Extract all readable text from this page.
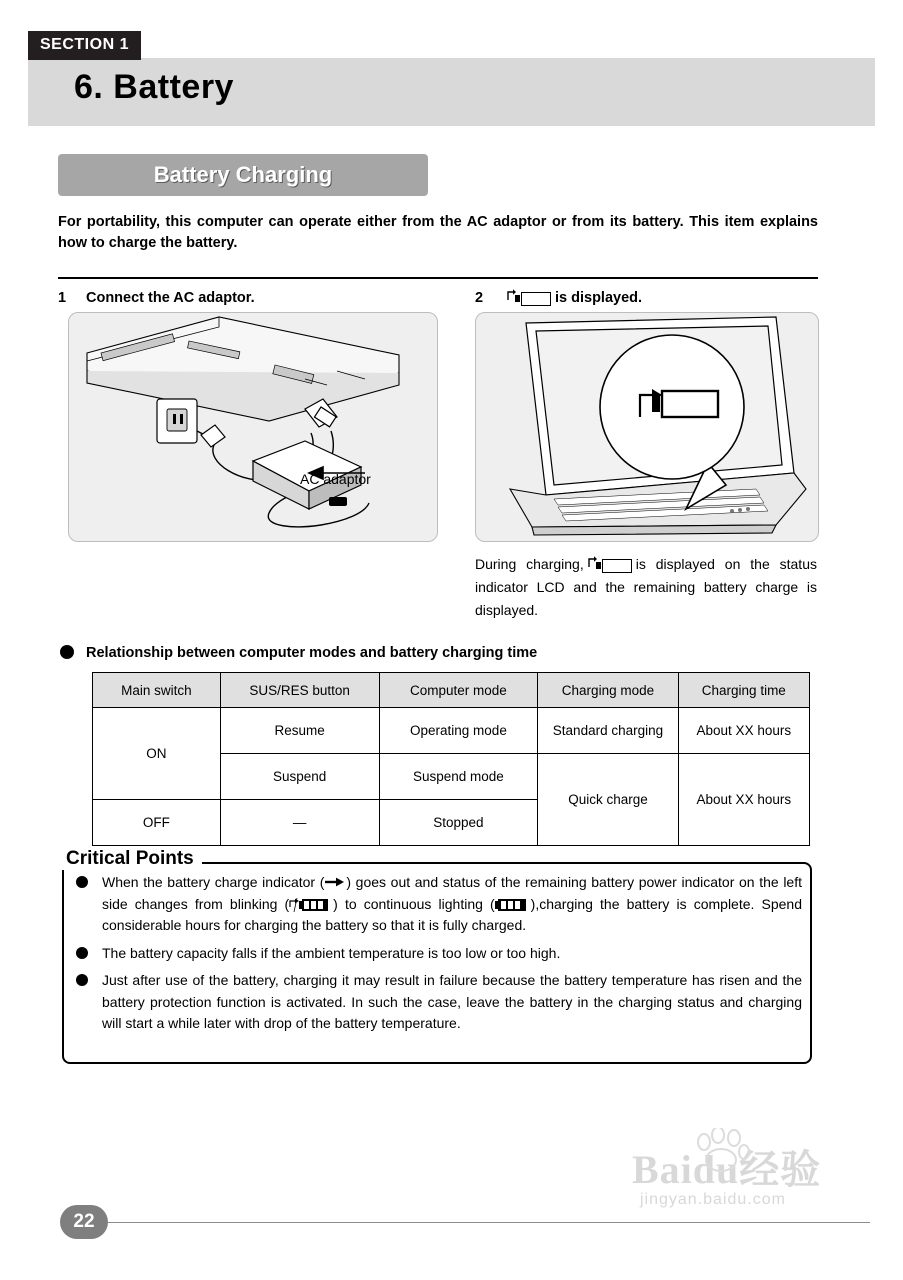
SECTION 1
6. Battery
Battery Charging
For portability, this computer can operate either from the AC adaptor or from its battery. This item explains how to charge the battery.
1 Connect the AC adaptor.	2	is displayed.
AC adaptor
During charging,	is displayed on the status indicator LCD and the remaining battery charge is displayed.
Relationship between computer modes and battery charging time
Main switch	SUS/RES button	Computer mode	Charging mode	Charging time
ON	Resume	Operating mode	Standard charging	About XX hours
	Suspend	Suspend mode	Quick charge	About XX hours
OFF	—	Stopped		
Critical Points
When the battery charge indicator ( ) goes out and status of the remaining battery power indicator on the left side changes from blinking (	) to continuous lighting (	),charging the battery is complete. Spend considerable hours for charging the battery so that it is fully charged.
The battery capacity falls if the ambient temperature is too low or too high.
Just after use of the battery, charging it may result in failure because the battery temperature has risen and the battery protection function is activated. In such the case, leave the battery in the charging status and charging will start a while later with drop of the battery temperature.
Baidu经验
jingyan.baidu.com
22
